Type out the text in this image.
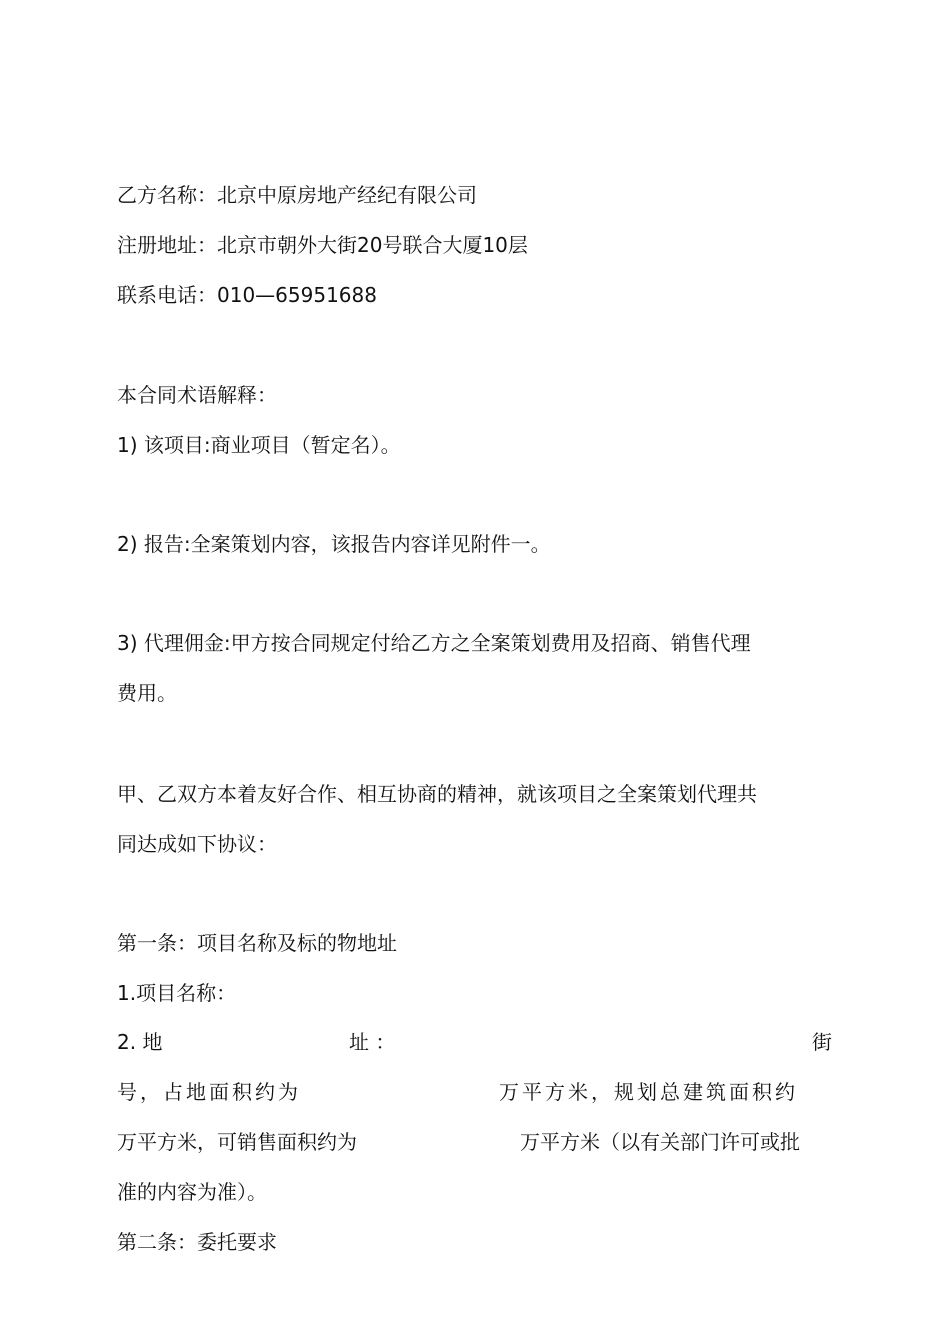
乙方名称：北京中原房地产经纪有限公司
注册地址：北京市朝外大街20号联合大厦10层
联系电话：010—65951688
本合同术语解释：
1) 该项目:商业项目（暂定名）。
2) 报告:全案策划内容，该报告内容详见附件一。
3) 代理佣金:甲方按合同规定付给乙方之全案策划费用及招商、销售代理
费用。
甲、乙双方本着友好合作、相互协商的精神，就该项目之全案策划代理共
同达成如下协议：
第一条：项目名称及标的物地址
1.项目名称：
2. 地	址 ：	街
号，占地面积约为	万平方米，规划总建筑面积约
万平方米，可销售面积约为	万平方米（以有关部门许可或批
准的内容为准）。
第二条：委托要求
